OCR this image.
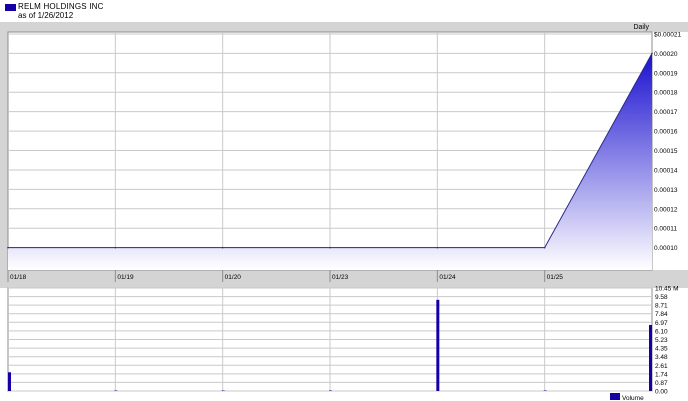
RELM HOLDINGS INC
as of 1/26/2012
Daily
$0.00021
0.00020
0.00019
0.00018
0.00017
0.00016
0.00015
0.00014
0.00013
0.00012
0.00011
0.00010
01/18	01/19	01/20	01/23	01/24	01/25
10.45 M
9.58
8.71
7.84
6.97
6.10
5.23
4.35
3.48
2.61
1.74
0.87
0.00
Volume
